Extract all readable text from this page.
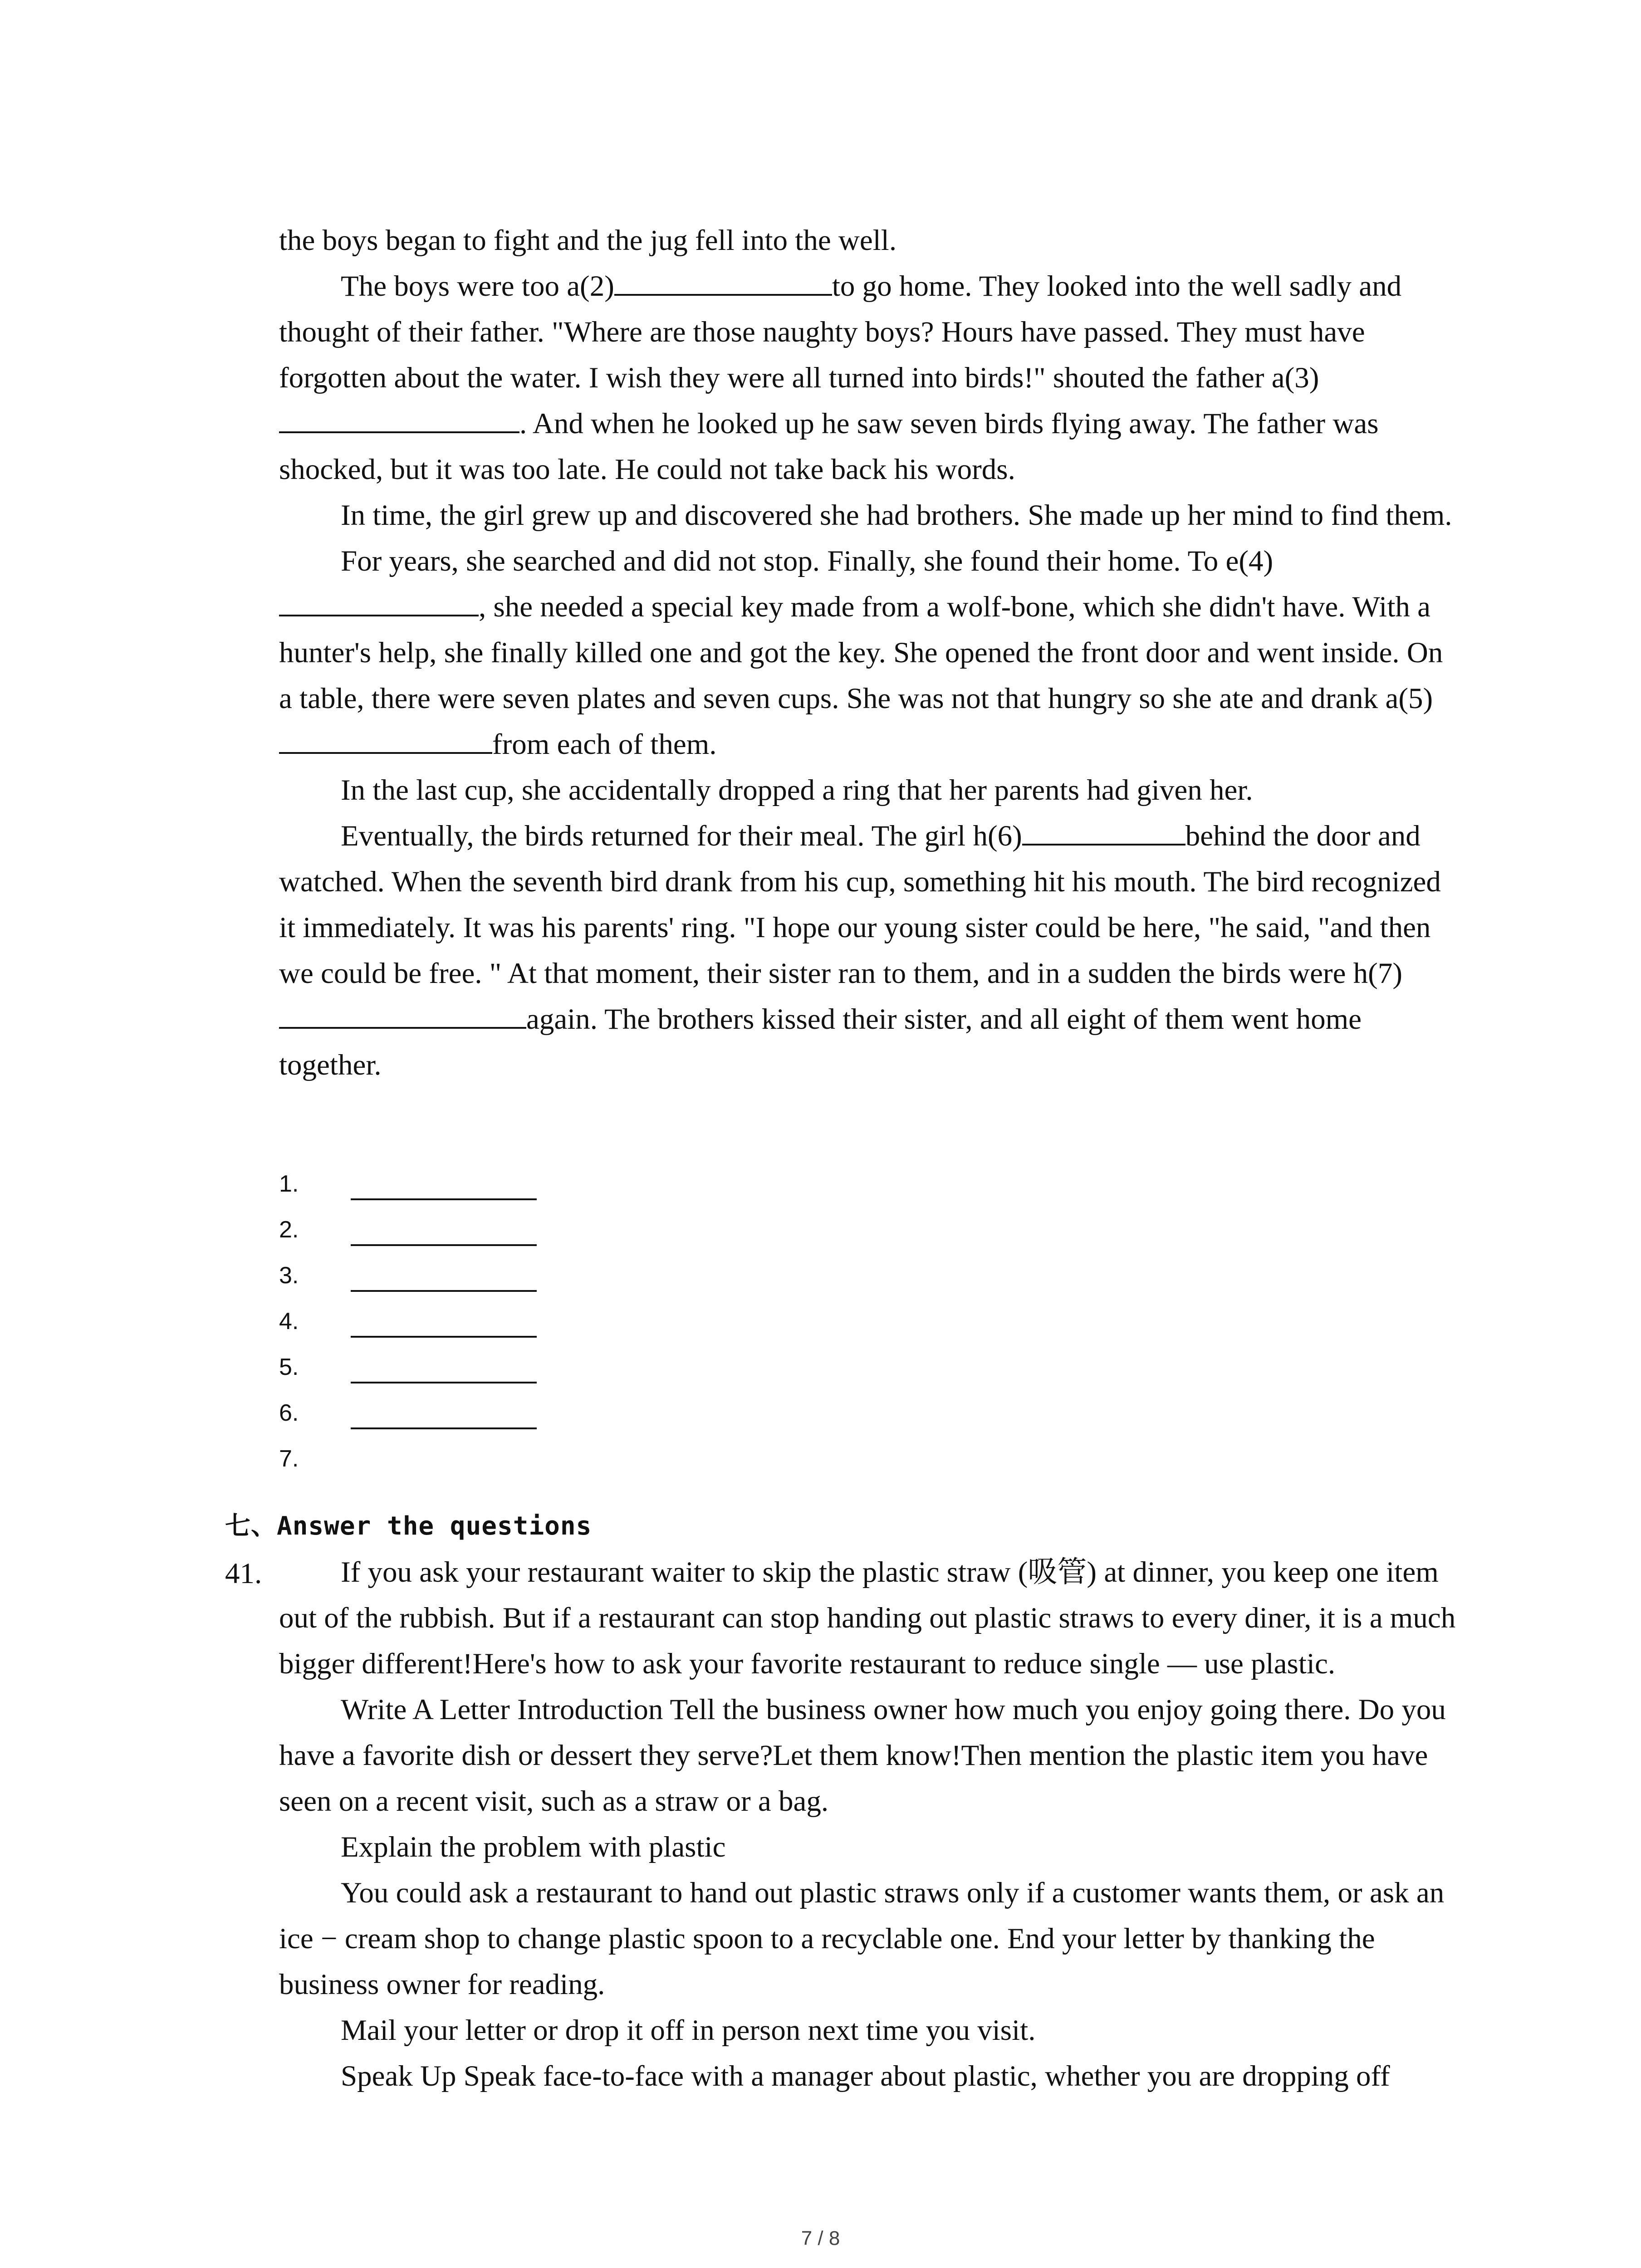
the boys began to fight and the jug fell into the well.

The boys were too a(2)	to go home. They looked into the well sadly and thought of their father. "Where are those naughty boys? Hours have passed. They must have forgotten about the water. I wish they were all turned into birds!" shouted the father a(3). And when he looked up he saw seven birds flying away. The father was shocked, but it was too late. He could not take back his words.

In time, the girl grew up and discovered she had brothers. She made up her mind to find them.

For years, she searched and did not stop. Finally, she found their home. To e(4), she needed a special key made from a wolf-bone, which she didn't have. With a hunter's help, she finally killed one and got the key. She opened the front door and went inside. On a table, there were seven plates and seven cups. She was not that hungry so she ate and drank a(5)from each of them.

In the last cup, she accidentally dropped a ring that her parents had given her.

Eventually, the birds returned for their meal. The girl h(6)	behind the door and watched. When the seventh bird drank from his cup, something hit his mouth. The bird recognized it immediately. It was his parents' ring. "I hope our young sister could be here, "he said, "and then we could be free. " At that moment, their sister ran to them, and in a sudden the birds were h(7)again. The brothers kissed their sister, and all eight of them went home together.

1.
2.
3.
4.
5.
6.
7.
七、Answer the questions
41.	If you ask your restaurant waiter to skip the plastic straw (吸管) at dinner, you keep one item out of the rubbish. But if a restaurant can stop handing out plastic straws to every diner, it is a much bigger different!Here's how to ask your favorite restaurant to reduce single — use plastic.

Write A Letter Introduction Tell the business owner how much you enjoy going there. Do you have a favorite dish or dessert they serve?Let them know!Then mention the plastic item you have seen on a recent visit, such as a straw or a bag.

Explain the problem with plastic

You could ask a restaurant to hand out plastic straws only if a customer wants them, or ask an ice − cream shop to change plastic spoon to a recyclable one. End your letter by thanking the business owner for reading.

Mail your letter or drop it off in person next time you visit.

Speak Up Speak face-to-face with a manager about plastic, whether you are dropping off

7 / 8
